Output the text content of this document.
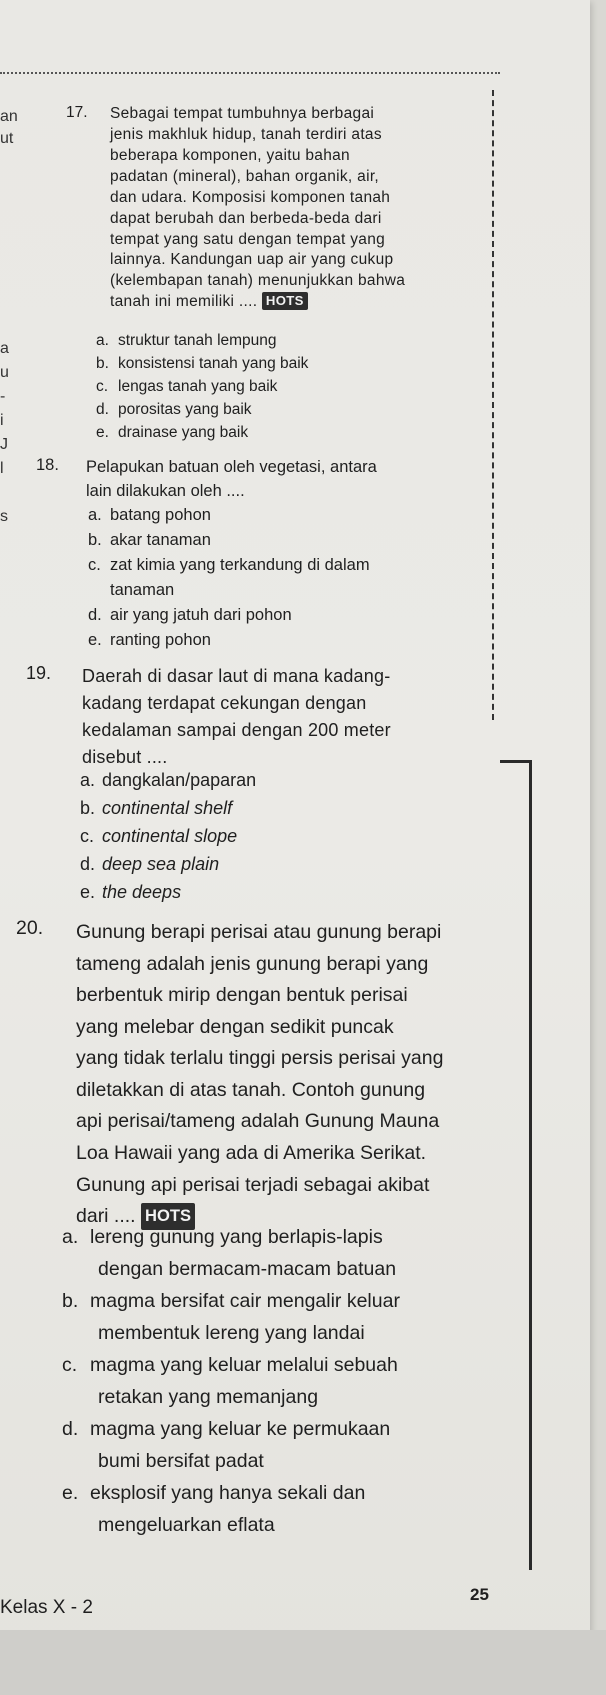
an
ut
a
u
-
i
J
l
s
17. Sebagai tempat tumbuhnya berbagai
jenis makhluk hidup, tanah terdiri atas
beberapa komponen, yaitu bahan
padatan (mineral), bahan organik, air,
dan udara. Komposisi komponen tanah
dapat berubah dan berbeda-beda dari
tempat yang satu dengan tempat yang
lainnya. Kandungan uap air yang cukup
(kelembapan tanah) menunjukkan bahwa
tanah ini memiliki .... HOTS
a. struktur tanah lempung
b. konsistensi tanah yang baik
c. lengas tanah yang baik
d. porositas yang baik
e. drainase yang baik
18. Pelapukan batuan oleh vegetasi, antara
lain dilakukan oleh ....
a. batang pohon
b. akar tanaman
c. zat kimia yang terkandung di dalam
tanaman
d. air yang jatuh dari pohon
e. ranting pohon
19. Daerah di dasar laut di mana kadang-
kadang terdapat cekungan dengan
kedalaman sampai dengan 200 meter
disebut ....
a. dangkalan/paparan
b. continental shelf
c. continental slope
d. deep sea plain
e. the deeps
20. Gunung berapi perisai atau gunung berapi
tameng adalah jenis gunung berapi yang
berbentuk mirip dengan bentuk perisai
yang melebar dengan sedikit puncak
yang tidak terlalu tinggi persis perisai yang
diletakkan di atas tanah. Contoh gunung
api perisai/tameng adalah Gunung Mauna
Loa Hawaii yang ada di Amerika Serikat.
Gunung api perisai terjadi sebagai akibat
dari .... HOTS
a. lereng gunung yang berlapis-lapis
dengan bermacam-macam batuan
b. magma bersifat cair mengalir keluar
membentuk lereng yang landai
c. magma yang keluar melalui sebuah
retakan yang memanjang
d. magma yang keluar ke permukaan
bumi bersifat padat
e. eksplosif yang hanya sekali dan
mengeluarkan eflata
Kelas X - 2
25
